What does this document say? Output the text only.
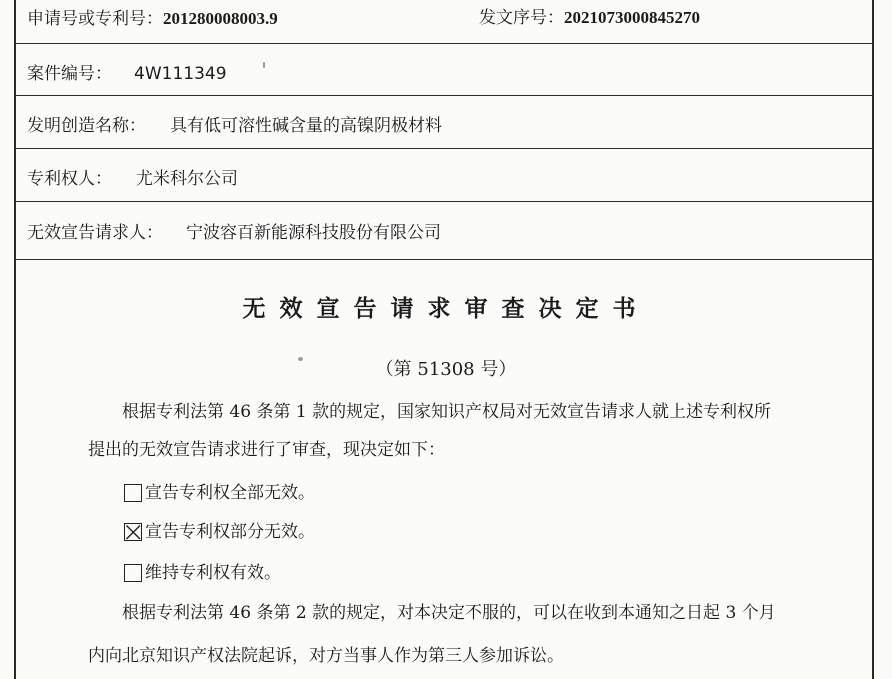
申请号或专利号：201280008003.9	发文序号：2021073000845270
案件编号： 4W111349
发明创造名称： 具有低可溶性碱含量的高镍阴极材料
专利权人： 尤米科尔公司
无效宣告请求人： 宁波容百新能源科技股份有限公司
无效宣告请求审查决定书
（第 51308 号）
根据专利法第 46 条第 1 款的规定，国家知识产权局对无效宣告请求人就上述专利权所
提出的无效宣告请求进行了审查，现决定如下：
宣告专利权全部无效。
宣告专利权部分无效。
维持专利权有效。
根据专利法第 46 条第 2 款的规定，对本决定不服的，可以在收到本通知之日起 3 个月
内向北京知识产权法院起诉，对方当事人作为第三人参加诉讼。
